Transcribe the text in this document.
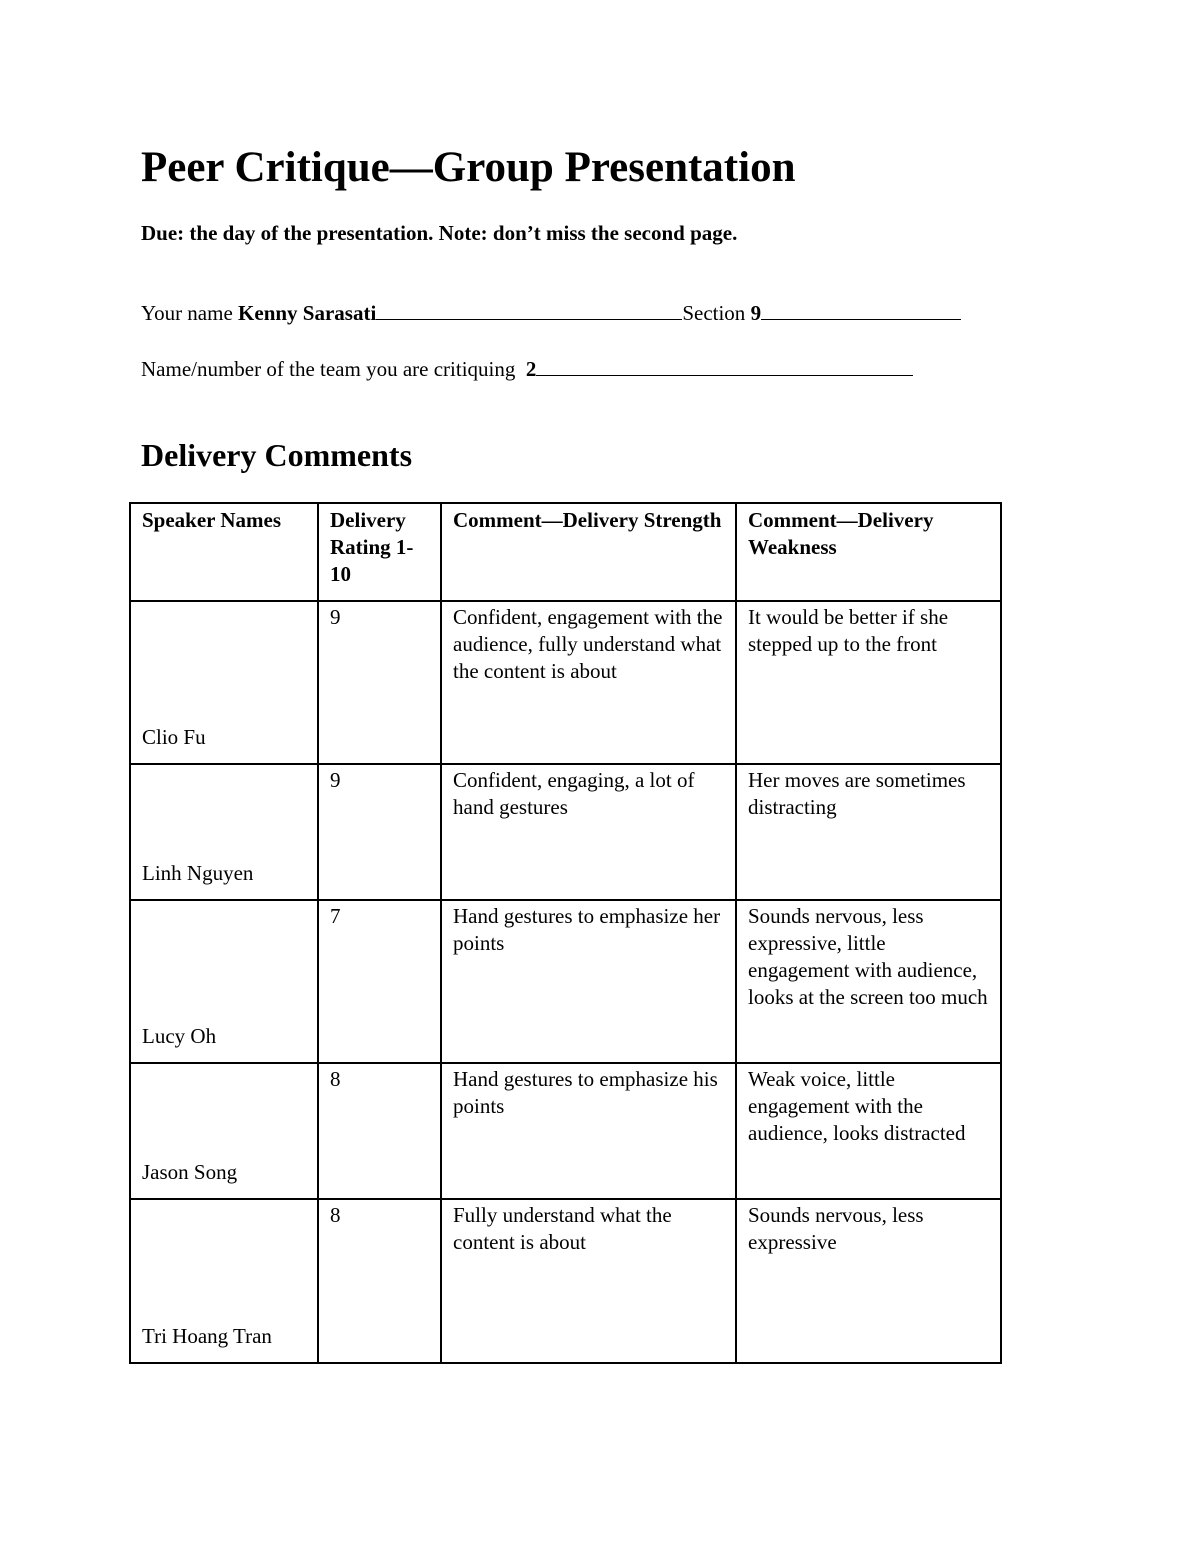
Peer Critique—Group Presentation
Due: the day of the presentation. Note: don’t miss the second page.
Your name Kenny Sarasati	Section 9
Name/number of the team you are critiquing  2
Delivery Comments
Speaker Names	Delivery Rating 1-10	Comment—Delivery Strength	Comment—Delivery Weakness
Clio Fu	9	Confident, engagement with the audience, fully understand what the content is about	It would be better if she stepped up to the front
Linh Nguyen	9	Confident, engaging, a lot of hand gestures	Her moves are sometimes distracting
Lucy Oh	7	Hand gestures to emphasize her points	Sounds nervous, less expressive, little engagement with audience, looks at the screen too much
Jason Song	8	Hand gestures to emphasize his points	Weak voice, little engagement with the audience, looks distracted
Tri Hoang Tran	8	Fully understand what the content is about	Sounds nervous, less expressive
